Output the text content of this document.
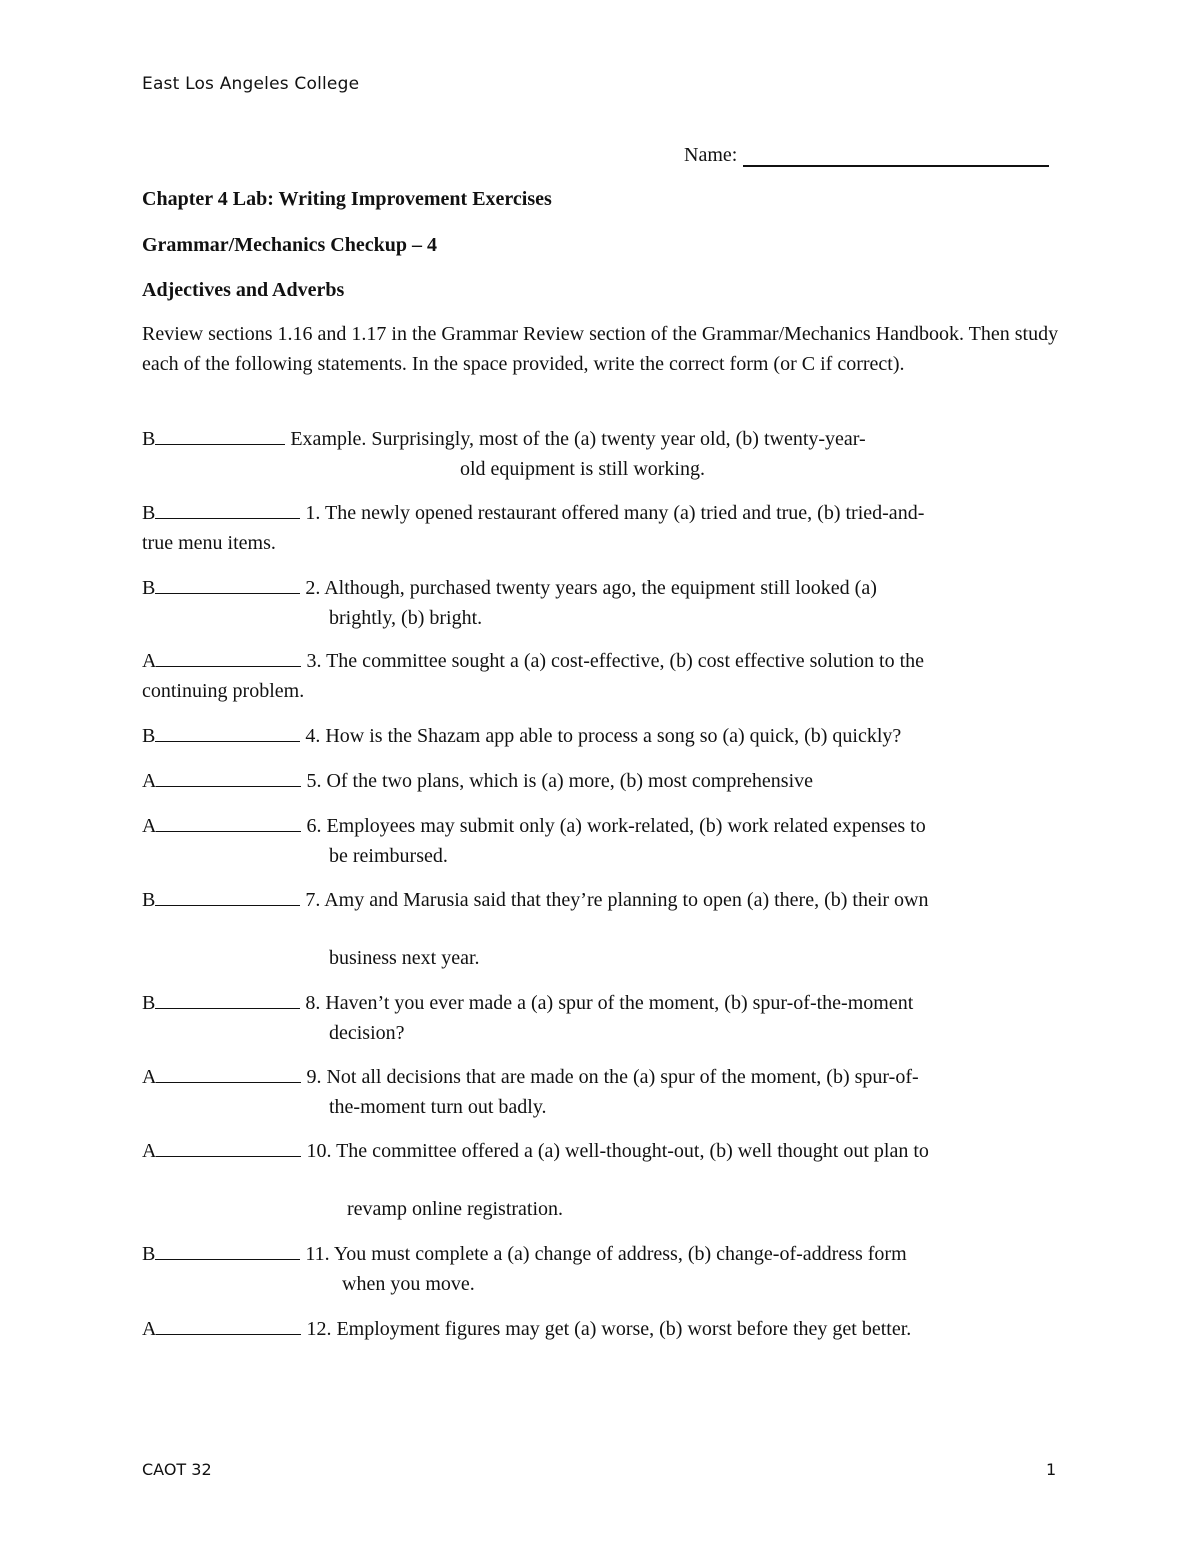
East Los Angeles College
Name:
Chapter 4 Lab: Writing Improvement Exercises
Grammar/Mechanics Checkup – 4
Adjectives and Adverbs
Review sections 1.16 and 1.17 in the Grammar Review section of the Grammar/Mechanics Handbook. Then study each of the following statements. In the space provided, write the correct form (or C if correct).
B	Example. Surprisingly, most of the (a) twenty year old, (b) twenty-year-
old equipment is still working.
B	1. The newly opened restaurant offered many (a) tried and true, (b) tried-and-
true menu items.
B	2. Although, purchased twenty years ago, the equipment still looked (a)
brightly, (b) bright.
A	3. The committee sought a (a) cost-effective, (b) cost effective solution to the
continuing problem.
B	4. How is the Shazam app able to process a song so (a) quick, (b) quickly?
A	5. Of the two plans, which is (a) more, (b) most comprehensive
A	6. Employees may submit only (a) work-related, (b) work related expenses to
be reimbursed.
B	7. Amy and Marusia said that they’re planning to open (a) there, (b) their own
business next year.
B	8. Haven’t you ever made a (a) spur of the moment, (b) spur-of-the-moment
decision?
A	9. Not all decisions that are made on the (a) spur of the moment, (b) spur-of-
the-moment turn out badly.
A	10. The committee offered a (a) well-thought-out, (b) well thought out plan to
revamp online registration.
B	11. You must complete a (a) change of address, (b) change-of-address form
when you move.
A	12. Employment figures may get (a) worse, (b) worst before they get better.
CAOT 32	1
